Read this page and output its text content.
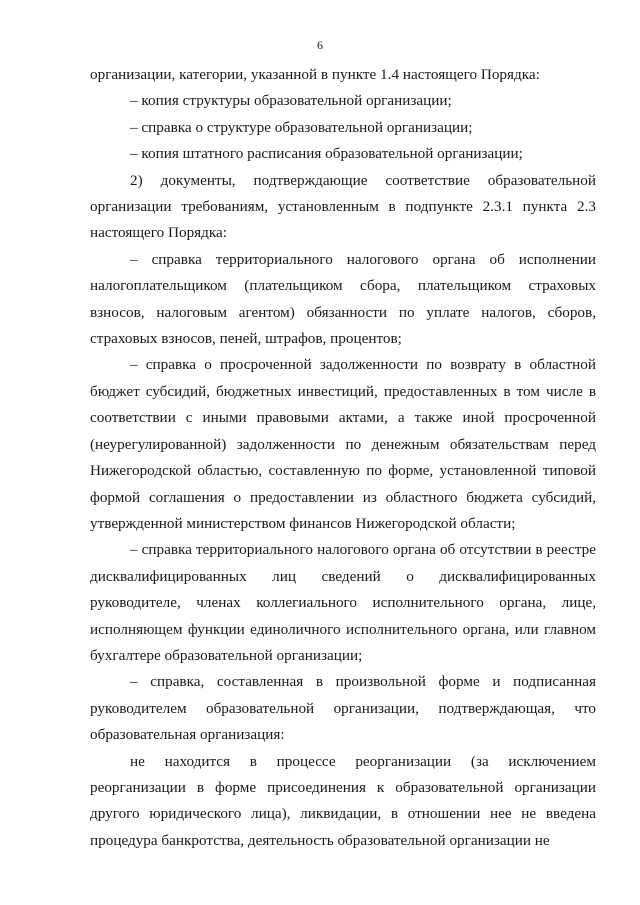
6

организации, категории, указанной в пункте 1.4 настоящего Порядка:

– копия структуры образовательной организации;

– справка о структуре образовательной организации;

– копия штатного расписания образовательной организации;

2) документы, подтверждающие соответствие образовательной организации требованиям, установленным в подпункте 2.3.1 пункта 2.3 настоящего Порядка:

– справка территориального налогового органа об исполнении налогоплательщиком (плательщиком сбора, плательщиком страховых взносов, налоговым агентом) обязанности по уплате налогов, сборов, страховых взносов, пеней, штрафов, процентов;

– справка о просроченной задолженности по возврату в областной бюджет субсидий, бюджетных инвестиций, предоставленных в том числе в соответствии с иными правовыми актами, а также иной просроченной (неурегулированной) задолженности по денежным обязательствам перед Нижегородской областью, составленную по форме, установленной типовой формой соглашения о предоставлении из областного бюджета субсидий, утвержденной министерством финансов Нижегородской области;

– справка территориального налогового органа об отсутствии в реестре дисквалифицированных лиц сведений о дисквалифицированных руководителе, членах коллегиального исполнительного органа, лице, исполняющем функции единоличного исполнительного органа, или главном бухгалтере образовательной организации;

– справка, составленная в произвольной форме и подписанная руководителем образовательной организации, подтверждающая, что образовательная организация:

не находится в процессе реорганизации (за исключением реорганизации в форме присоединения к образовательной организации другого юридического лица), ликвидации, в отношении нее не введена процедура банкротства, деятельность образовательной организации не
